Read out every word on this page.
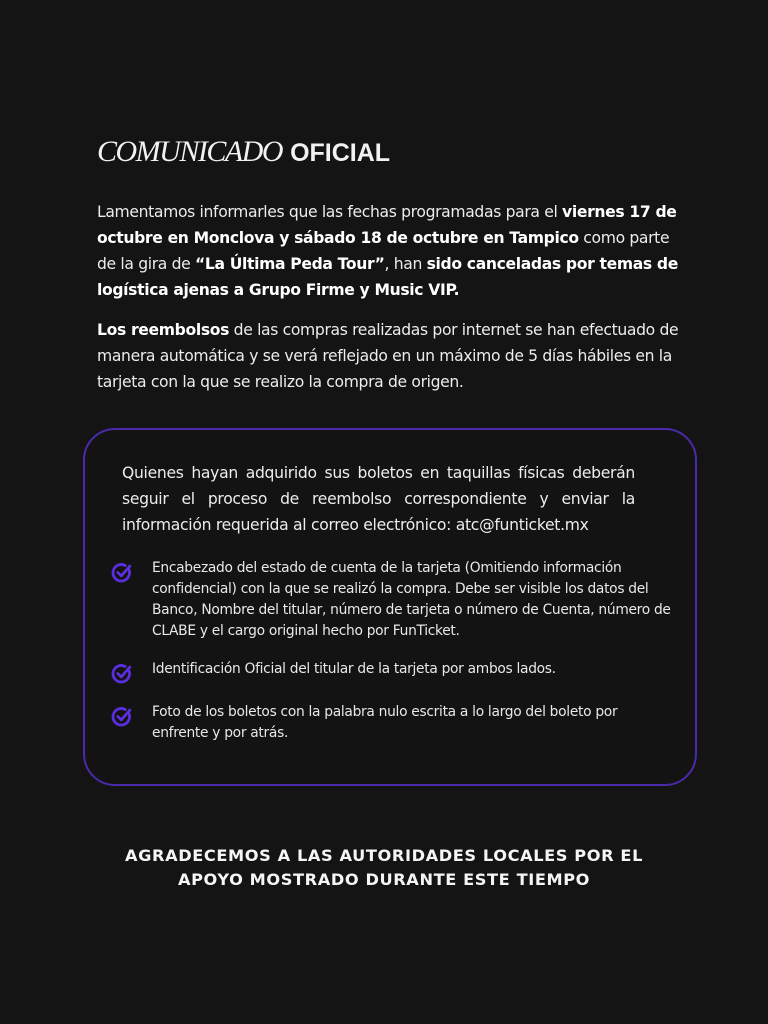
COMUNICADO OFICIAL

Lamentamos informarles que las fechas programadas para el viernes 17 de octubre en Monclova y sábado 18 de octubre en Tampico como parte de la gira de “La Última Peda Tour”, han sido canceladas por temas de logística ajenas a Grupo Firme y Music VIP.

Los reembolsos de las compras realizadas por internet se han efectuado de manera automática y se verá reflejado en un máximo de 5 días hábiles en la tarjeta con la que se realizo la compra de origen.

Quienes hayan adquirido sus boletos en taquillas físicas deberán seguir el proceso de reembolso correspondiente y enviar la información requerida al correo electrónico: atc@funticket.mx

Encabezado del estado de cuenta de la tarjeta (Omitiendo información confidencial) con la que se realizó la compra. Debe ser visible los datos del Banco, Nombre del titular, número de tarjeta o número de Cuenta, número de CLABE y el cargo original hecho por FunTicket.
Identificación Oficial del titular de la tarjeta por ambos lados.
Foto de los boletos con la palabra nulo escrita a lo largo del boleto por enfrente y por atrás.

AGRADECEMOS A LAS AUTORIDADES LOCALES POR EL
APOYO MOSTRADO DURANTE ESTE TIEMPO
